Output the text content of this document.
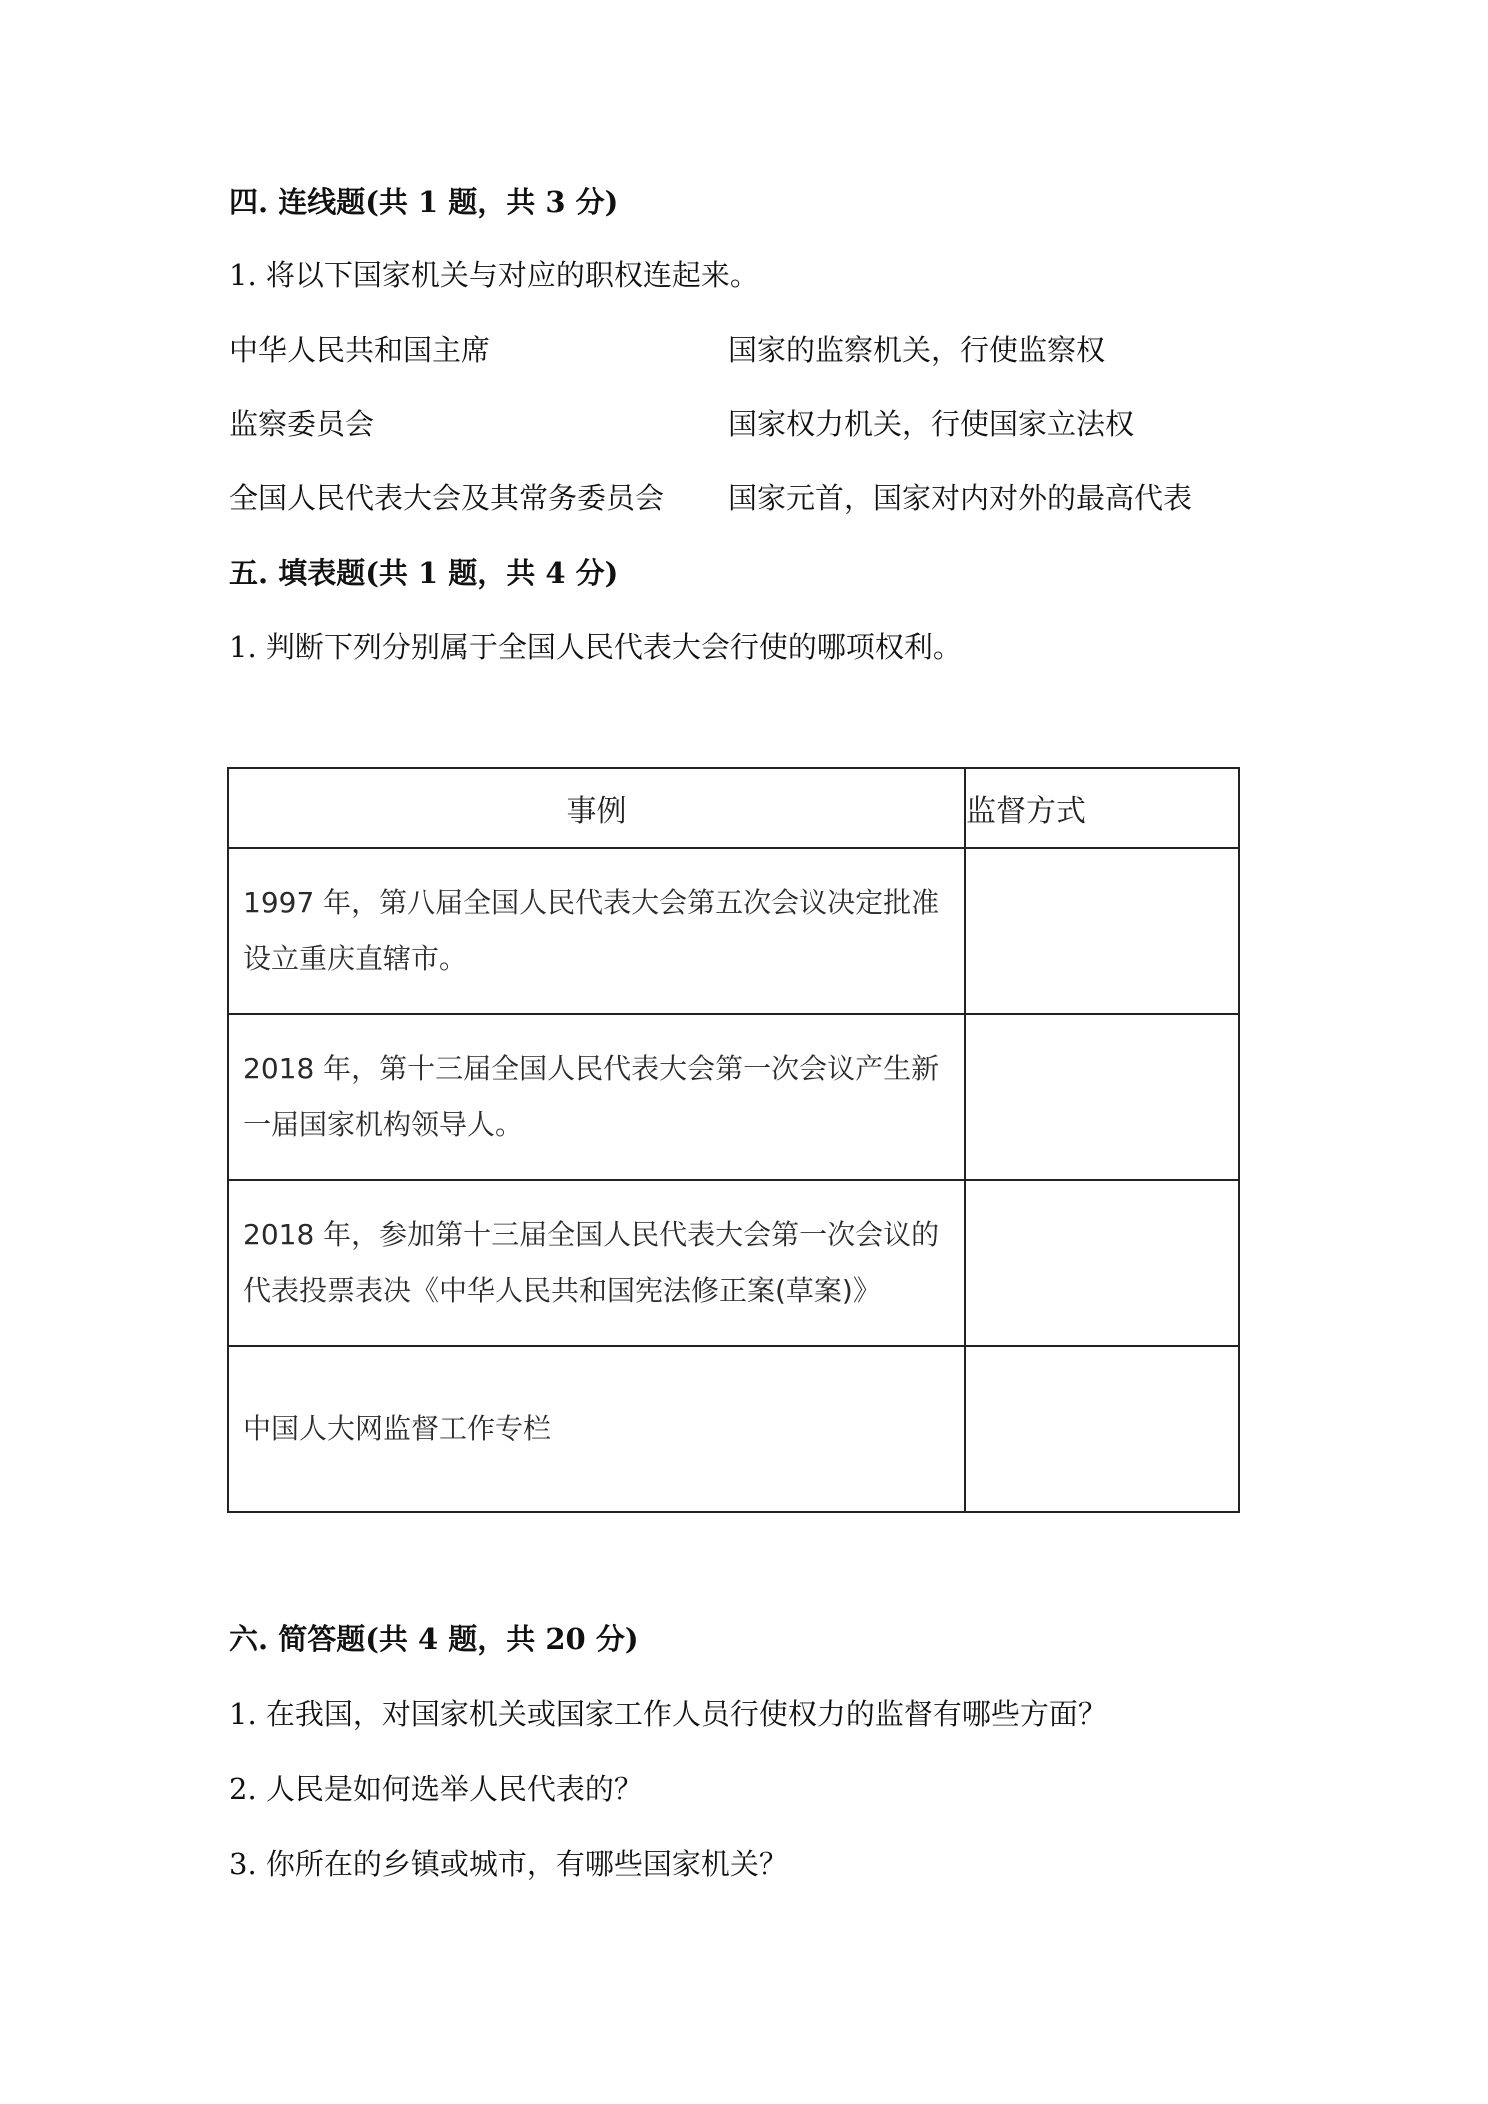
四. 连线题(共 1 题，共 3 分)
1. 将以下国家机关与对应的职权连起来。
中华人民共和国主席	国家的监察机关，行使监察权
监察委员会	国家权力机关，行使国家立法权
全国人民代表大会及其常务委员会 国家元首，国家对内对外的最高代表
五. 填表题(共 1 题，共 4 分)
1. 判断下列分别属于全国人民代表大会行使的哪项权利。
事例	监督方式
1997 年，第八届全国人民代表大会第五次会议决定批准设立重庆直辖市。	
2018 年，第十三届全国人民代表大会第一次会议产生新一届国家机构领导人。	
2018 年，参加第十三届全国人民代表大会第一次会议的代表投票表决《中华人民共和国宪法修正案(草案)》	
中国人大网监督工作专栏	
六. 简答题(共 4 题，共 20 分)
1. 在我国，对国家机关或国家工作人员行使权力的监督有哪些方面？
2. 人民是如何选举人民代表的？
3. 你所在的乡镇或城市，有哪些国家机关？
